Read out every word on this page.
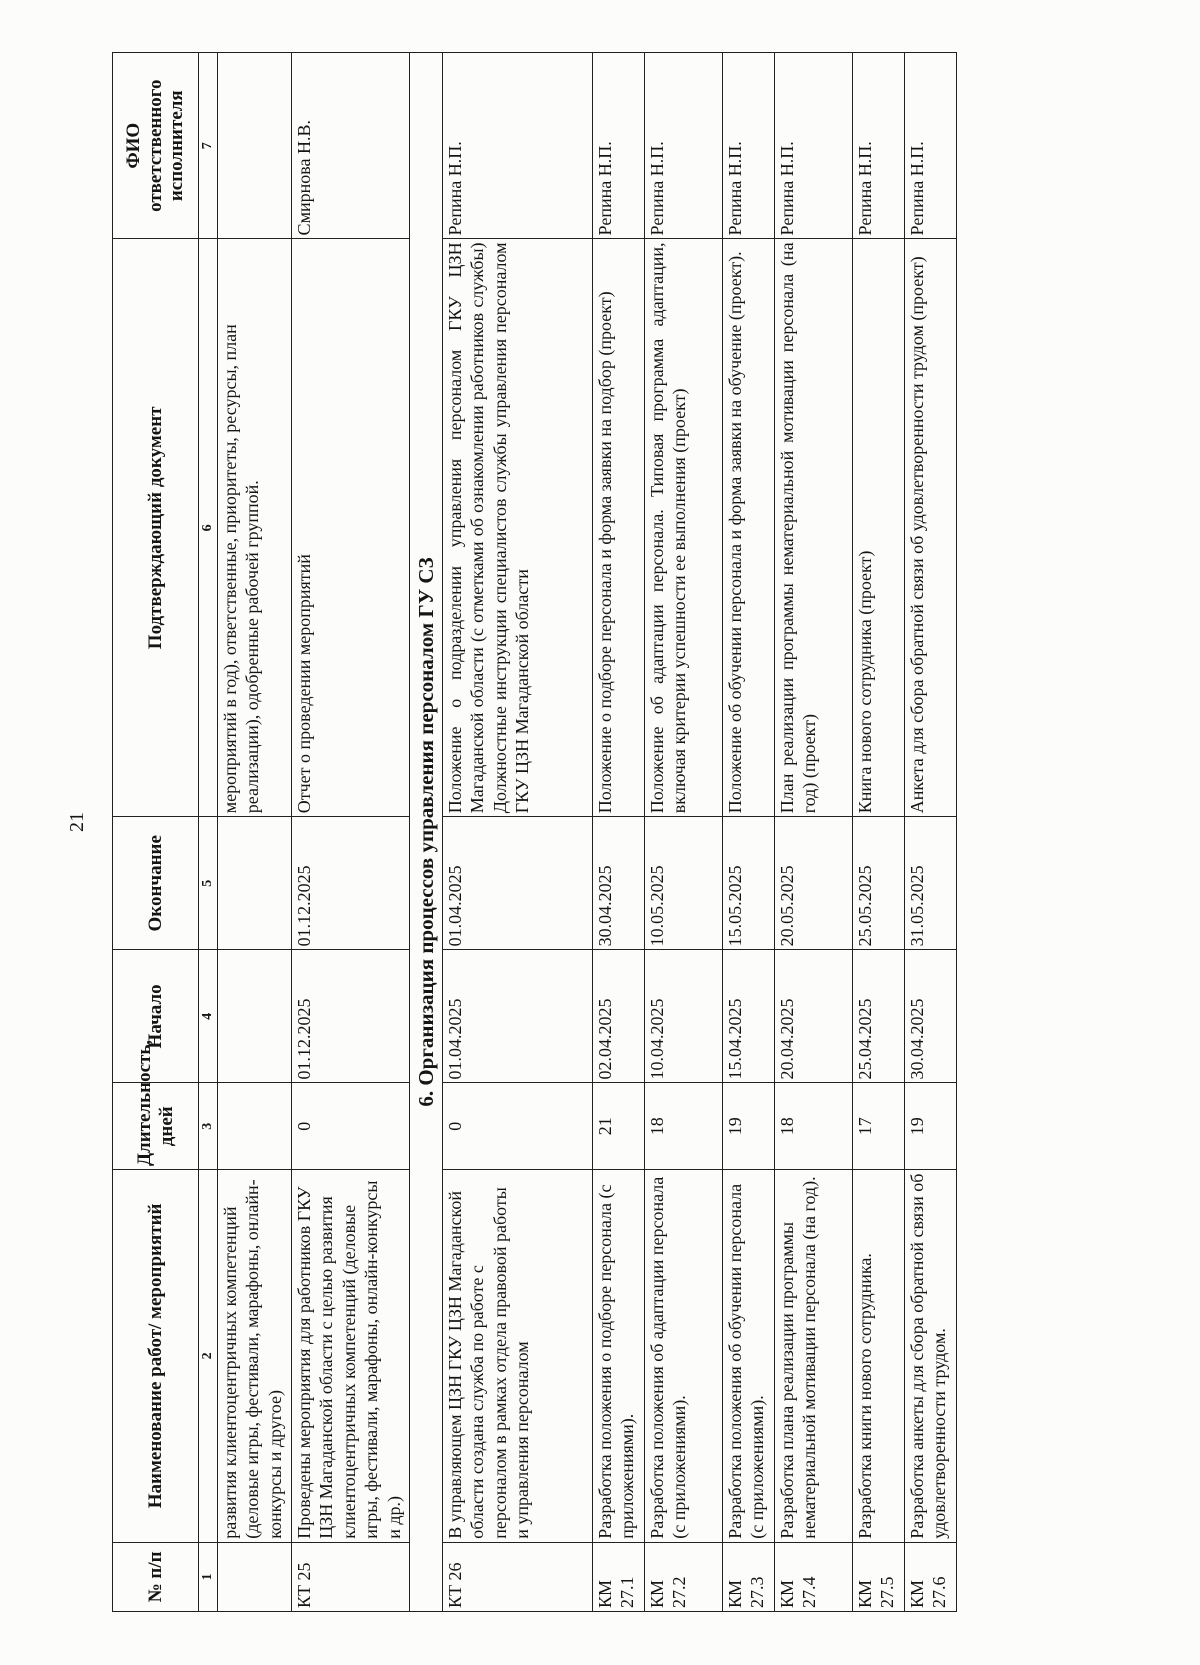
21
№ п/п	Наименование работ/ мероприятий	Длительность, дней	Начало	Окончание	Подтверждающий документ	ФИО ответственного исполнителя
1	2	3	4	5	6	7
	развития клиентоцентричных компетенций (деловые игры, фестивали, марафоны, онлайн-конкурсы и другое)				мероприятий в год), ответственные, приоритеты, ресурсы, план реализации), одобренные рабочей группой.	
КТ 25	Проведены мероприятия для работников ГКУ ЦЗН Магаданской области с целью развития клиентоцентричных компетенций (деловые игры, фестивали, марафоны, онлайн-конкурсы и др.)	0	01.12.2025	01.12.2025	Отчет о проведении мероприятий	Смирнова Н.В.
6. Организация процессов управления персоналом ГУ СЗ						
КТ 26	В управляющем ЦЗН ГКУ ЦЗН Магаданской области создана служба по работе с персоналом в рамках отдела правовой работы и управления персоналом	0	01.04.2025	01.04.2025	Положение о подразделении управления персоналом ГКУ ЦЗН Магаданской области (с отметками об ознакомлении работников службы) Должностные инструкции специалистов службы управления персоналом ГКУ ЦЗН Магаданской области	Репина Н.П.
КМ 27.1	Разработка положения о подборе персонала (с приложениями).	21	02.04.2025	30.04.2025	Положение о подборе персонала и форма заявки на подбор (проект)	Репина Н.П.
КМ 27.2	Разработка положения об адаптации персонала (с приложениями).	18	10.04.2025	10.05.2025	Положение об адаптации персонала. Типовая программа адаптации, включая критерии успешности ее выполнения (проект)	Репина Н.П.
КМ 27.3	Разработка положения об обучении персонала (с приложениями).	19	15.04.2025	15.05.2025	Положение об обучении персонала и форма заявки на обучение (проект).	Репина Н.П.
КМ 27.4	Разработка плана реализации программы нематериальной мотивации персонала (на год).	18	20.04.2025	20.05.2025	План реализации программы нематериальной мотивации персонала (на год) (проект)	Репина Н.П.
КМ 27.5	Разработка книги нового сотрудника.	17	25.04.2025	25.05.2025	Книга нового сотрудника (проект)	Репина Н.П.
КМ 27.6	Разработка анкеты для сбора обратной связи об удовлетворенности трудом.	19	30.04.2025	31.05.2025	Анкета для сбора обратной связи об удовлетворенности трудом (проект)	Репина Н.П.
